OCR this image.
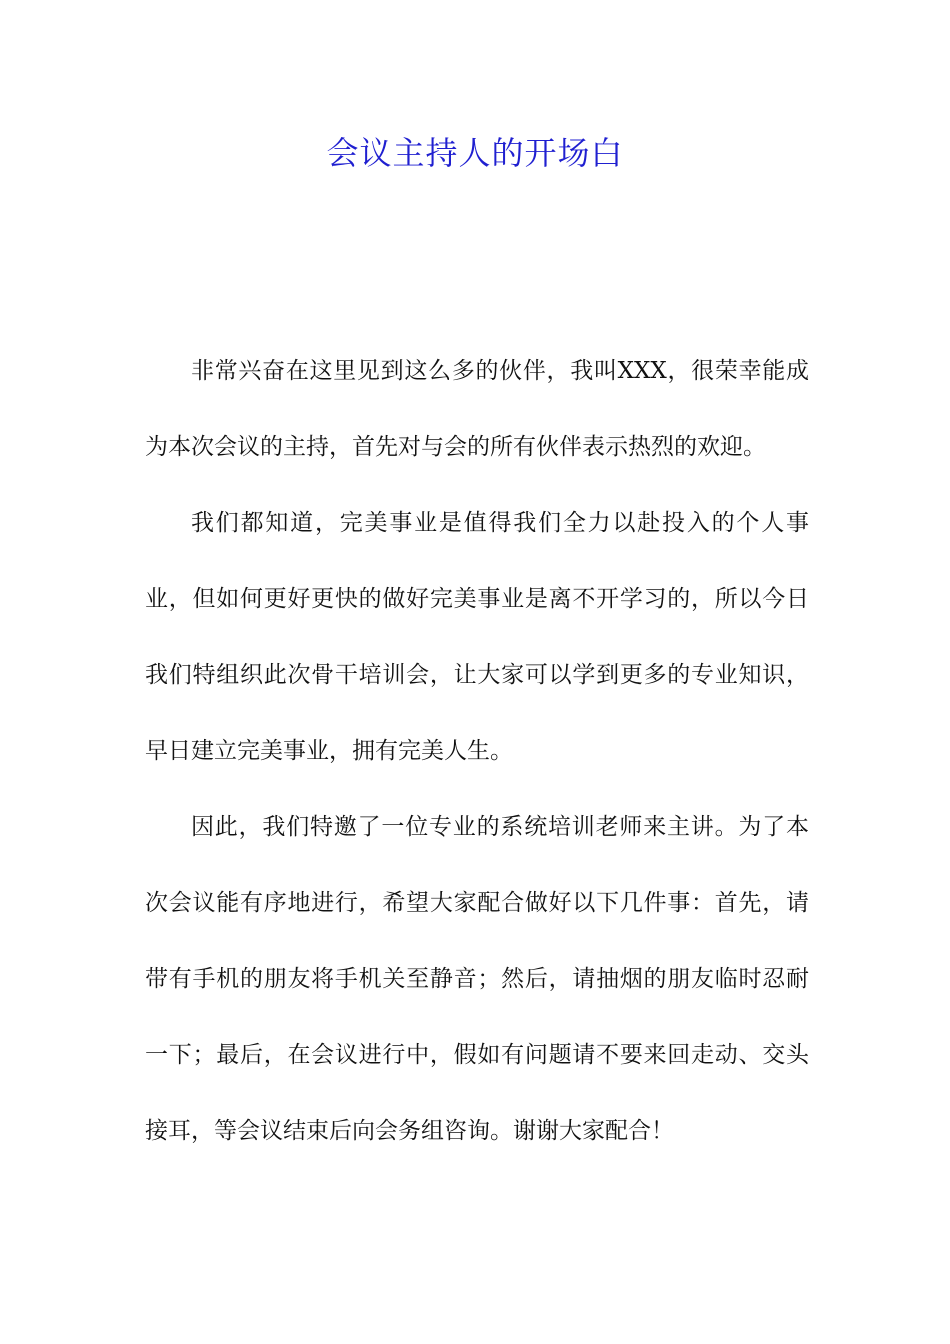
会议主持人的开场白

非常兴奋在这里见到这么多的伙伴，我叫XXX，很荣幸能成为本次会议的主持，首先对与会的所有伙伴表示热烈的欢迎。

我们都知道，完美事业是值得我们全力以赴投入的个人事业，但如何更好更快的做好完美事业是离不开学习的，所以今日我们特组织此次骨干培训会，让大家可以学到更多的专业知识，早日建立完美事业，拥有完美人生。

因此，我们特邀了一位专业的系统培训老师来主讲。为了本次会议能有序地进行，希望大家配合做好以下几件事：首先，请带有手机的朋友将手机关至静音；然后，请抽烟的朋友临时忍耐一下；最后，在会议进行中，假如有问题请不要来回走动、交头接耳，等会议结束后向会务组咨询。谢谢大家配合！
